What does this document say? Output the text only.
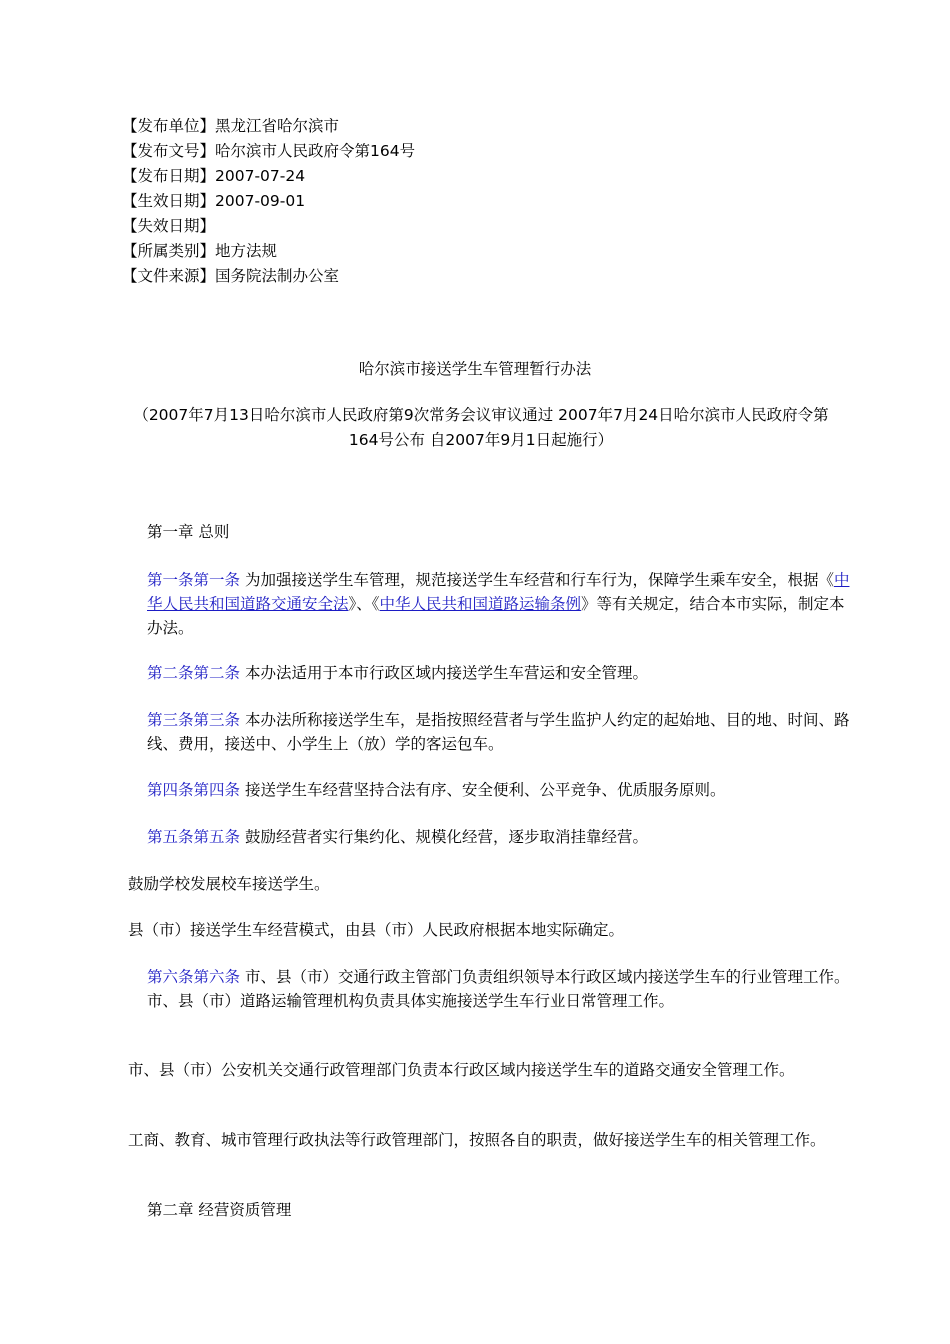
【发布单位】黑龙江省哈尔滨市
【发布文号】哈尔滨市人民政府令第164号
【发布日期】2007-07-24
【生效日期】2007-09-01
【失效日期】
【所属类别】地方法规
【文件来源】国务院法制办公室
哈尔滨市接送学生车管理暂行办法
（2007年7月13日哈尔滨市人民政府第9次常务会议审议通过 2007年7月24日哈尔滨市人民政府令第164号公布 自2007年9月1日起施行）
第一章 总则
第一条第一条 为加强接送学生车管理，规范接送学生车经营和行车行为，保障学生乘车安全，根据《中华人民共和国道路交通安全法》、《中华人民共和国道路运输条例》等有关规定，结合本市实际，制定本办法。
第二条第二条 本办法适用于本市行政区域内接送学生车营运和安全管理。
第三条第三条 本办法所称接送学生车，是指按照经营者与学生监护人约定的起始地、目的地、时间、路线、费用，接送中、小学生上（放）学的客运包车。
第四条第四条 接送学生车经营坚持合法有序、安全便利、公平竞争、优质服务原则。
第五条第五条 鼓励经营者实行集约化、规模化经营，逐步取消挂靠经营。
鼓励学校发展校车接送学生。
县（市）接送学生车经营模式，由县（市）人民政府根据本地实际确定。
第六条第六条 市、县（市）交通行政主管部门负责组织领导本行政区域内接送学生车的行业管理工作。市、县（市）道路运输管理机构负责具体实施接送学生车行业日常管理工作。
市、县（市）公安机关交通行政管理部门负责本行政区域内接送学生车的道路交通安全管理工作。
工商、教育、城市管理行政执法等行政管理部门，按照各自的职责，做好接送学生车的相关管理工作。
第二章 经营资质管理
